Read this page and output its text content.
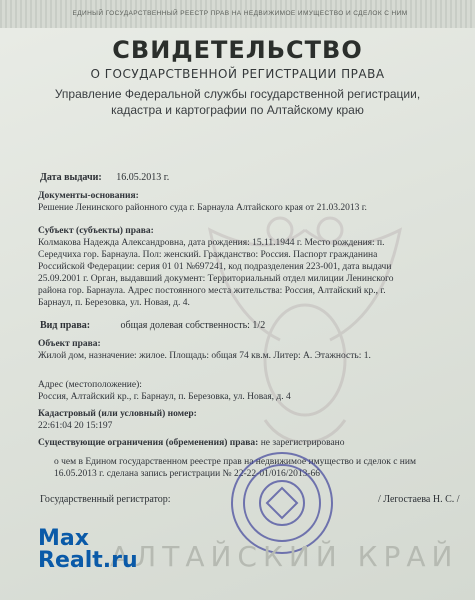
ЕДИНЫЙ ГОСУДАРСТВЕННЫЙ РЕЕСТР ПРАВ НА НЕДВИЖИМОЕ ИМУЩЕСТВО И СДЕЛОК С НИМ
СВИДЕТЕЛЬСТВО
О ГОСУДАРСТВЕННОЙ РЕГИСТРАЦИИ ПРАВА
Управление Федеральной службы государственной регистрации,
кадастра и картографии по Алтайскому краю
Дата выдачи: 16.05.2013 г.
Документы-основания:
Решение Ленинского районного суда г. Барнаула Алтайского края от 21.03.2013 г.
Субъект (субъекты) права:
Колмакова Надежда Александровна, дата рождения: 15.11.1944 г. Место рождения: п.
Середчиха гор. Барнаула. Пол: женский. Гражданство: Россия. Паспорт гражданина
Российской Федерации: серия 01 01 №697241, код подразделения 223-001, дата выдачи
25.09.2001 г. Орган, выдавший документ: Территориальный отдел милиции Ленинского
района гор. Барнаула. Адрес постоянного места жительства: Россия, Алтайский кр., г.
Барнаул, п. Березовка, ул. Новая, д. 4.
Вид права:	общая долевая собственность: 1/2
Объект права:
Жилой дом, назначение: жилое. Площадь: общая 74 кв.м. Литер: А. Этажность: 1.
Адрес (местоположение):
Россия, Алтайский кр., г. Барнаул, п. Березовка, ул. Новая, д. 4
Кадастровый (или условный) номер:
22:61:04 20 15:197
Существующие ограничения (обременения) права: не зарегистрировано
о чем в Едином государственном реестре прав на недвижимое имущество и сделок с ним
16.05.2013 г. сделана запись регистрации № 22-22-01/016/2013-66
Государственный регистратор:	/ Легостаева Н. С. /
АЛТАЙСКИЙ КРАЙ
Max
Realt.ru
